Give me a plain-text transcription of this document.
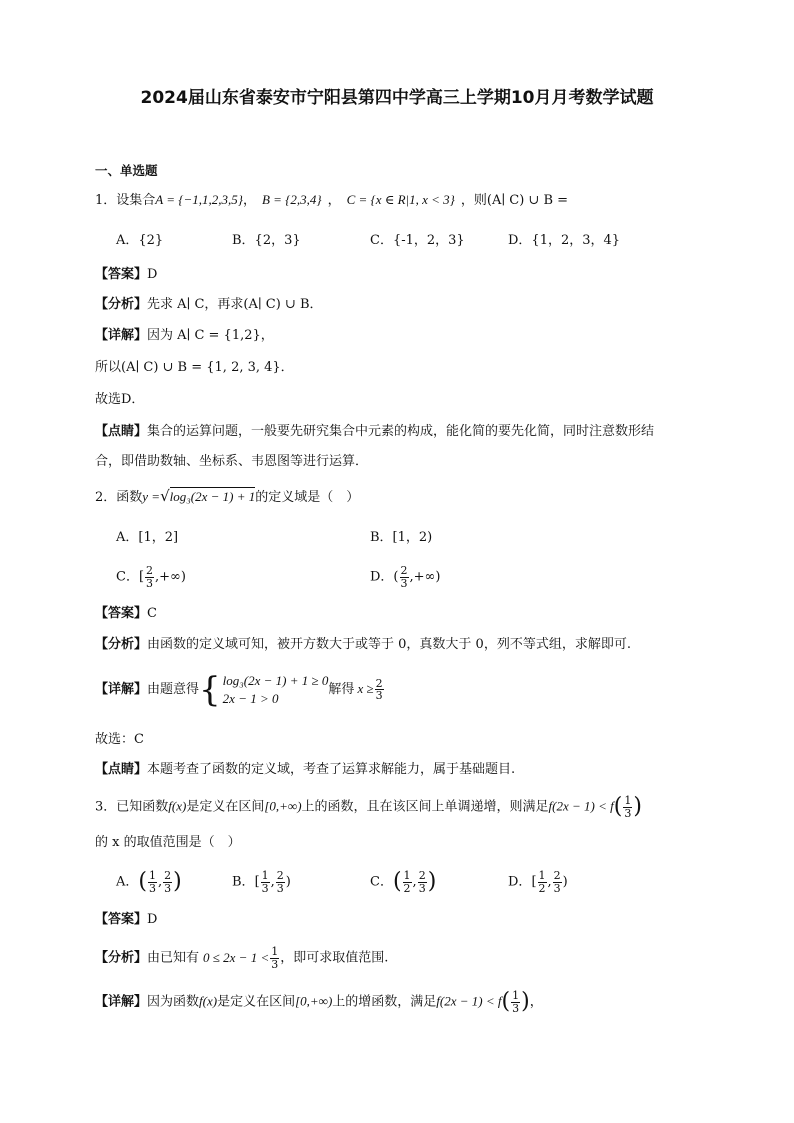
2024届山东省泰安市宁阳县第四中学高三上学期10月月考数学试题
一、单选题
1．设集合A = {−1,1,2,3,5}， B = {2,3,4} ， C = {x ∈ R|1, x < 3} ，则(A∣ C) ∪ B =
A．{2}	B．{2，3}	C．{-1，2，3}	D．{1，2，3，4}
【答案】D
【分析】先求 A∣ C，再求(A∣ C) ∪ B．
【详解】因为 A∣ C = {1,2}，
所以(A∣ C) ∪ B = {1, 2, 3, 4}．
故选D．
【点睛】集合的运算问题，一般要先研究集合中元素的构成，能化简的要先化简，同时注意数形结
合，即借助数轴、坐标系、韦恩图等进行运算．
2．函数y =√log₃(2x − 1) + 1的定义域是（　）
A．[1，2]	B．[1，2)
C．[ $\frac{2}{3}$ ,+∞)	D．( $\frac{2}{3}$ ,+∞)
【答案】C
【分析】由函数的定义域可知，被开方数大于或等于 0，真数大于 0，列不等式组，求解即可.
【详解】由题意得 { log₃(2x − 1) + 1 ≥ 0
2x − 1 > 0
解得 $x \ge \frac{2}{3}$
故选：C
【点睛】本题考查了函数的定义域，考查了运算求解能力，属于基础题目.
3．已知函数f(x)是定义在区间[0,+∞)上的函数，且在该区间上单调递增，则满足$f(2x - 1) < f( \frac{1}{3}$ )
的 x 的取值范围是（　）
A．( $\frac{1}{3}$ , $\frac{2}{3}$ )	B．[ $\frac{1}{3}$ , $\frac{2}{3}$ )	C．( $\frac{1}{2}$ , $\frac{2}{3}$ )	D．[ $\frac{1}{2}$ , $\frac{2}{3}$ )
【答案】D
【分析】由已知有 $0 \le 2x - 1 < \frac{1}{3}$ ，即可求取值范围.
【详解】因为函数f(x)是定义在区间[0,+∞)上的增函数，满足$f(2x - 1) < f( \frac{1}{3}$ )，
